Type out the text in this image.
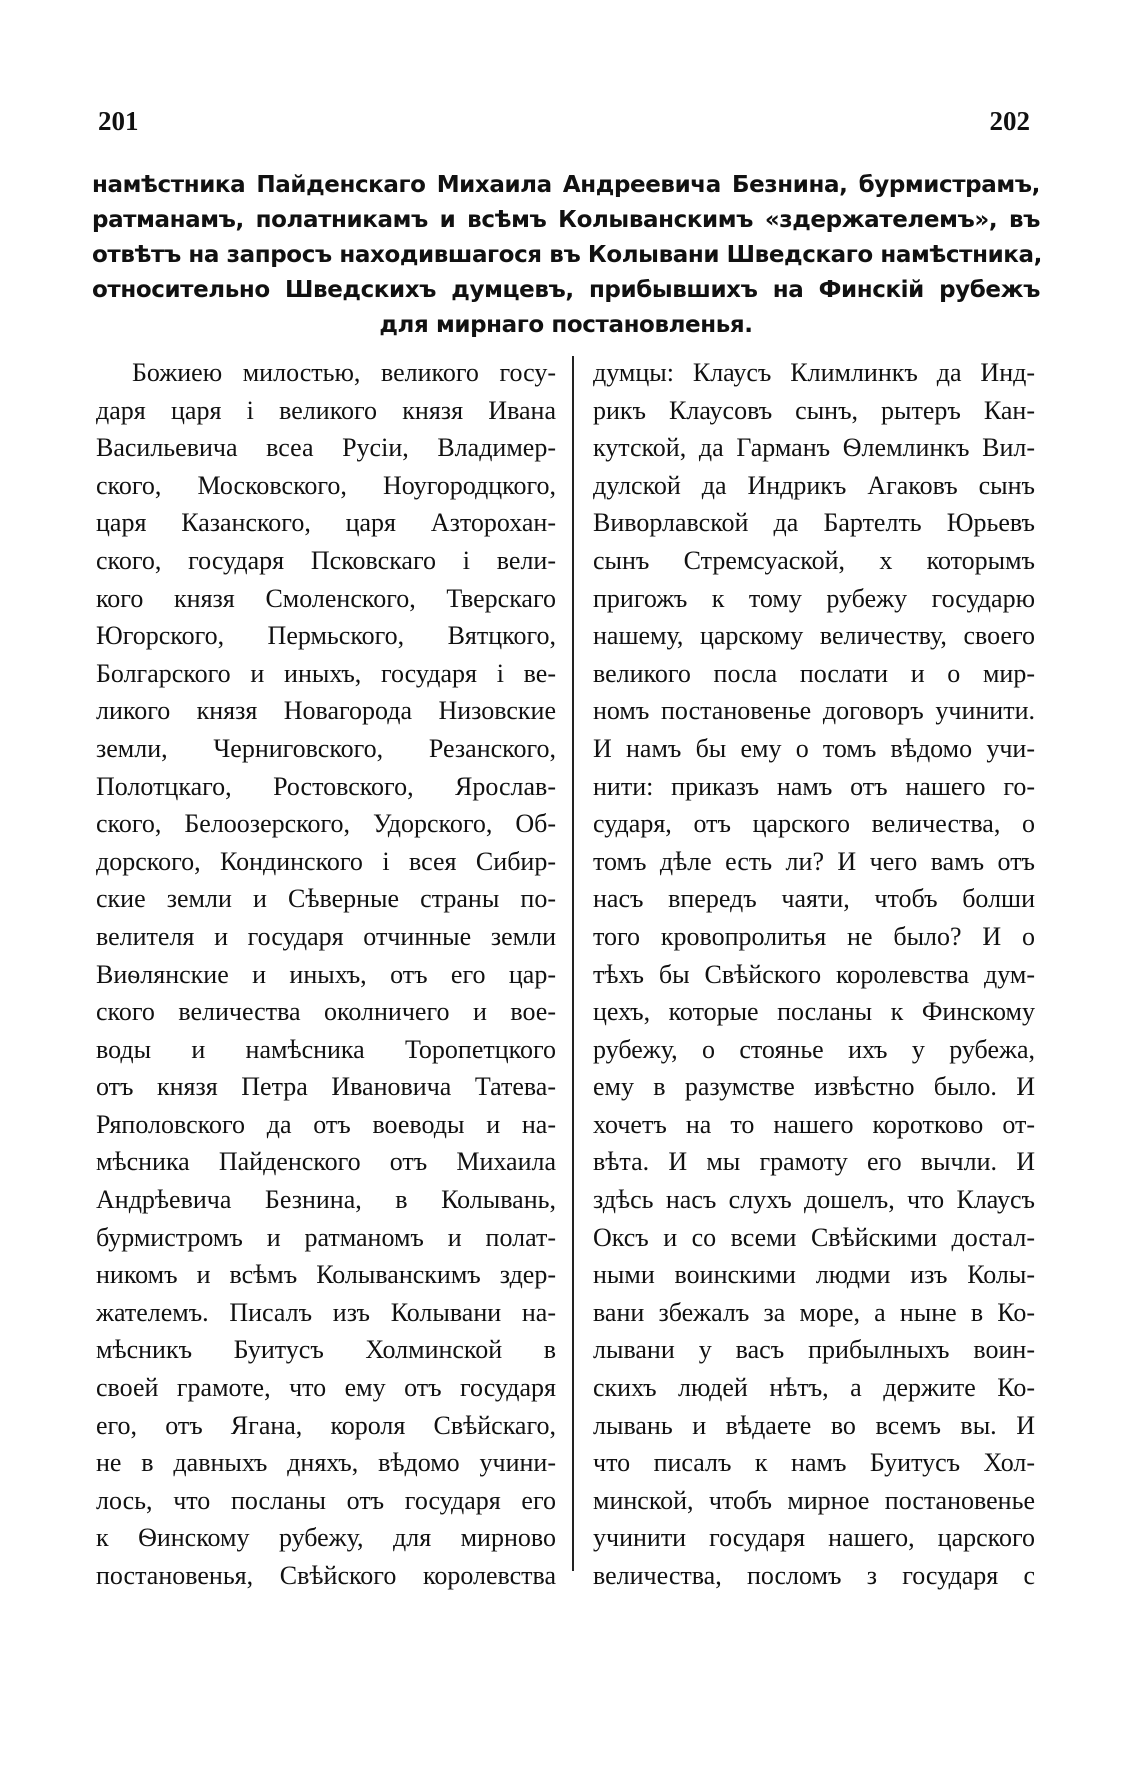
201	202
намѣстника Пайденскаго Михаила Андреевича Безнина, бурмистрамъ,
ратманамъ, полатникамъ и всѣмъ Колыванскимъ «здержателемъ», въ
отвѣтъ на запросъ находившагося въ Колывани Шведскаго намѣстника,
относительно Шведскихъ думцевъ, прибывшихъ на Финскій рубежъ
для мирнаго постановленья.
Божиею милостью, великого госу-
даря царя і великого князя Ивана
Васильевича всеа Русіи, Владимер-
ского, Московского, Ноугородцкого,
царя Казанского, царя Азторохан-
ского, государя Псковскаго і вели-
кого князя Смоленского, Тверскаго
Югорского, Пермьского, Вятцкого,
Болгарского и иныхъ, государя і ве-
ликого князя Новагорода Низовские
земли, Черниговского, Резанского,
Полотцкаго, Ростовского, Ярослав-
ского, Белоозерского, Удорского, Об-
дорского, Кондинского і всея Сибир-
ские земли и Сѣверные страны по-
велителя и государя отчинные земли
Виѳлянские и иныхъ, отъ его цар-
ского величества околничего и вое-
воды и намѣсника Торопетцкого
отъ князя Петра Ивановича Татева-
Ряполовского да отъ воеводы и на-
мѣсника Пайденского отъ Михаила
Андрѣевича Безнина, в Колывань,
бурмистромъ и ратманомъ и полат-
никомъ и всѣмъ Колыванскимъ здер-
жателемъ. Писалъ изъ Колывани на-
мѣсникъ Буитусъ Холминской в
своей грамоте, что ему отъ государя
его, отъ Ягана, короля Свѣйскаго,
не в давныхъ дняхъ, вѣдомо учини-
лось, что посланы отъ государя его
к Ѳинскому рубежу, для мирново
постановенья, Свѣйского королевства
думцы: Клаусъ Климлинкъ да Инд-
рикъ Клаусовъ сынъ, рытеръ Кан-
кутской, да Гарманъ Ѳлемлинкъ Вил-
дулской да Индрикъ Агаковъ сынъ
Виворлавской да Бартелть Юрьевъ
сынъ Стремсуаской, х которымъ
пригожъ к тому рубежу государю
нашему, царскому величеству, своего
великого посла послати и о мир-
номъ постановенье договоръ учинити.
И намъ бы ему о томъ вѣдомо учи-
нити: приказъ намъ отъ нашего го-
сударя, отъ царского величества, о
томъ дѣле есть ли? И чего вамъ отъ
насъ впередъ чаяти, чтобъ болши
того кровопролитья не было? И о
тѣхъ бы Свѣйского королевства дум-
цехъ, которые посланы к Финскому
рубежу, о стоянье ихъ у рубежа,
ему в разумстве извѣстно было. И
хочетъ на то нашего коротково от-
вѣта. И мы грамоту его вычли. И
здѣсь насъ слухъ дошелъ, что Клаусъ
Оксъ и со всеми Свѣйскими достал-
ными воинскими людми изъ Колы-
вани збежалъ за море, а ныне в Ко-
лывани у васъ прибылныхъ воин-
скихъ людей нѣтъ, а держите Ко-
лывань и вѣдаете во всемъ вы. И
что писалъ к намъ Буитусъ Хол-
минской, чтобъ мирное постановенье
учинити государя нашего, царского
величества, посломъ з государя с
